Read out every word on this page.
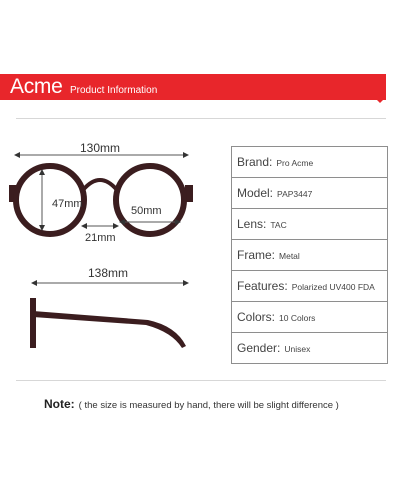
Acme Product Information
130mm
47mm
50mm
21mm
138mm
Brand: Pro Acme
Model: PAP3447
Lens: TAC
Frame: Metal
Features: Polarized UV400 FDA
Colors: 10 Colors
Gender: Unisex
Note: ( the size is measured by hand, there will be slight difference )
